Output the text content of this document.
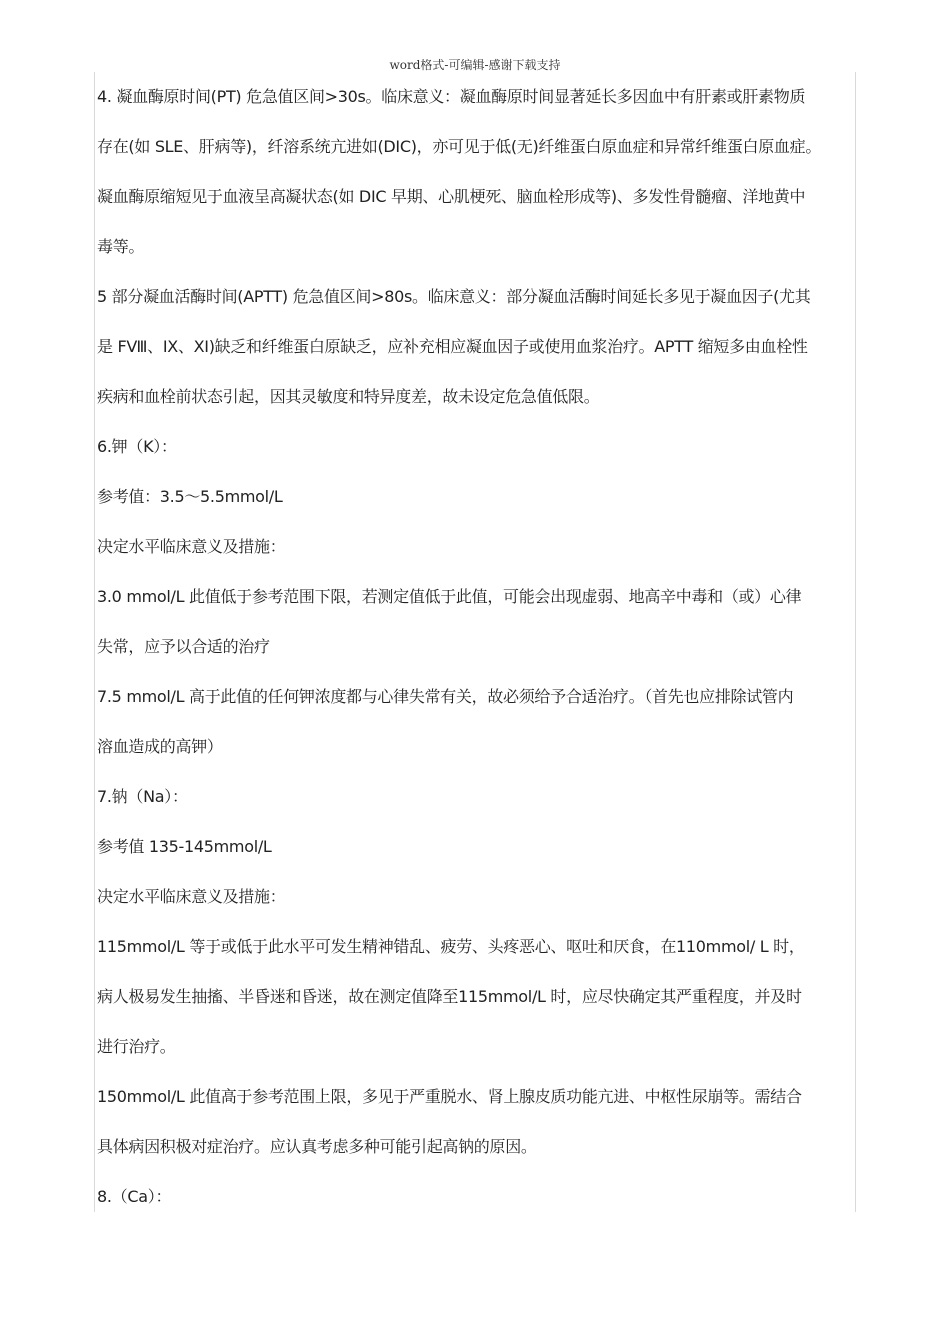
word格式-可编辑-感谢下载支持

4. 凝血酶原时间(PT) 危急值区间>30s。临床意义：凝血酶原时间显著延长多因血中有肝素或肝素物质

存在(如 SLE、肝病等)，纤溶系统亢进如(DIC)，亦可见于低(无)纤维蛋白原血症和异常纤维蛋白原血症。

凝血酶原缩短见于血液呈高凝状态(如 DIC 早期、心肌梗死、脑血栓形成等)、多发性骨髓瘤、洋地黄中

毒等。

5 部分凝血活酶时间(APTT) 危急值区间>80s。临床意义：部分凝血活酶时间延长多见于凝血因子(尤其

是 FⅧ、IX、XI)缺乏和纤维蛋白原缺乏，应补充相应凝血因子或使用血浆治疗。APTT 缩短多由血栓性

疾病和血栓前状态引起，因其灵敏度和特异度差，故未设定危急值低限。

6.钾（K）：

参考值：3.5～5.5mmol/L

决定水平临床意义及措施：

3.0 mmol/L 此值低于参考范围下限，若测定值低于此值，可能会出现虚弱、地高辛中毒和（或）心律

失常，应予以合适的治疗

7.5 mmol/L 高于此值的任何钾浓度都与心律失常有关，故必须给予合适治疗。（首先也应排除试管内

溶血造成的高钾）

7.钠（Na）：

参考值 135-145mmol/L

决定水平临床意义及措施：

115mmol/L 等于或低于此水平可发生精神错乱、疲劳、头疼恶心、呕吐和厌食，在110mmol/ L 时，

病人极易发生抽搐、半昏迷和昏迷，故在测定值降至115mmol/L 时，应尽快确定其严重程度，并及时

进行治疗。

150mmol/L 此值高于参考范围上限，多见于严重脱水、肾上腺皮质功能亢进、中枢性尿崩等。需结合

具体病因积极对症治疗。应认真考虑多种可能引起高钠的原因。

8.（Ca）：
